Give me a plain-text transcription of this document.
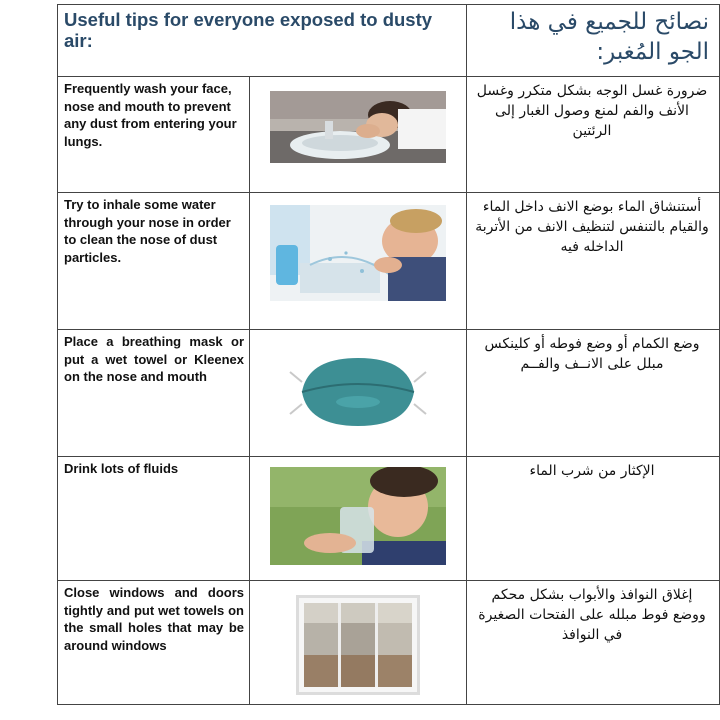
Useful tips for everyone exposed to dusty air:		نصائح للجميع في هذا الجو المُغبر:
Frequently wash your face, nose and mouth to prevent any dust from entering your lungs.		ضرورة غسل الوجه بشكل متكرر وغسل الأنف والفم لمنع وصول الغبار إلى الرئتين
Try to inhale some water through your nose in order to clean the nose of dust particles.		أستنشاق الماء بوضع الانف داخل الماء والقيام بالتنفس لتنظيف الانف من الأتربة الداخله فيه
Place a breathing mask or put a wet towel or Kleenex on the nose and mouth		وضع الكمام أو وضع فوطه أو كلينكس مبلل على الانــف والفــم
Drink lots of fluids		الإكثار من شرب الماء
Close windows and doors tightly and put wet towels on the small holes that may be around windows		إغلاق النوافذ والأبواب بشكل محكم ووضع فوط مبلله على الفتحات الصغيرة في النوافذ
